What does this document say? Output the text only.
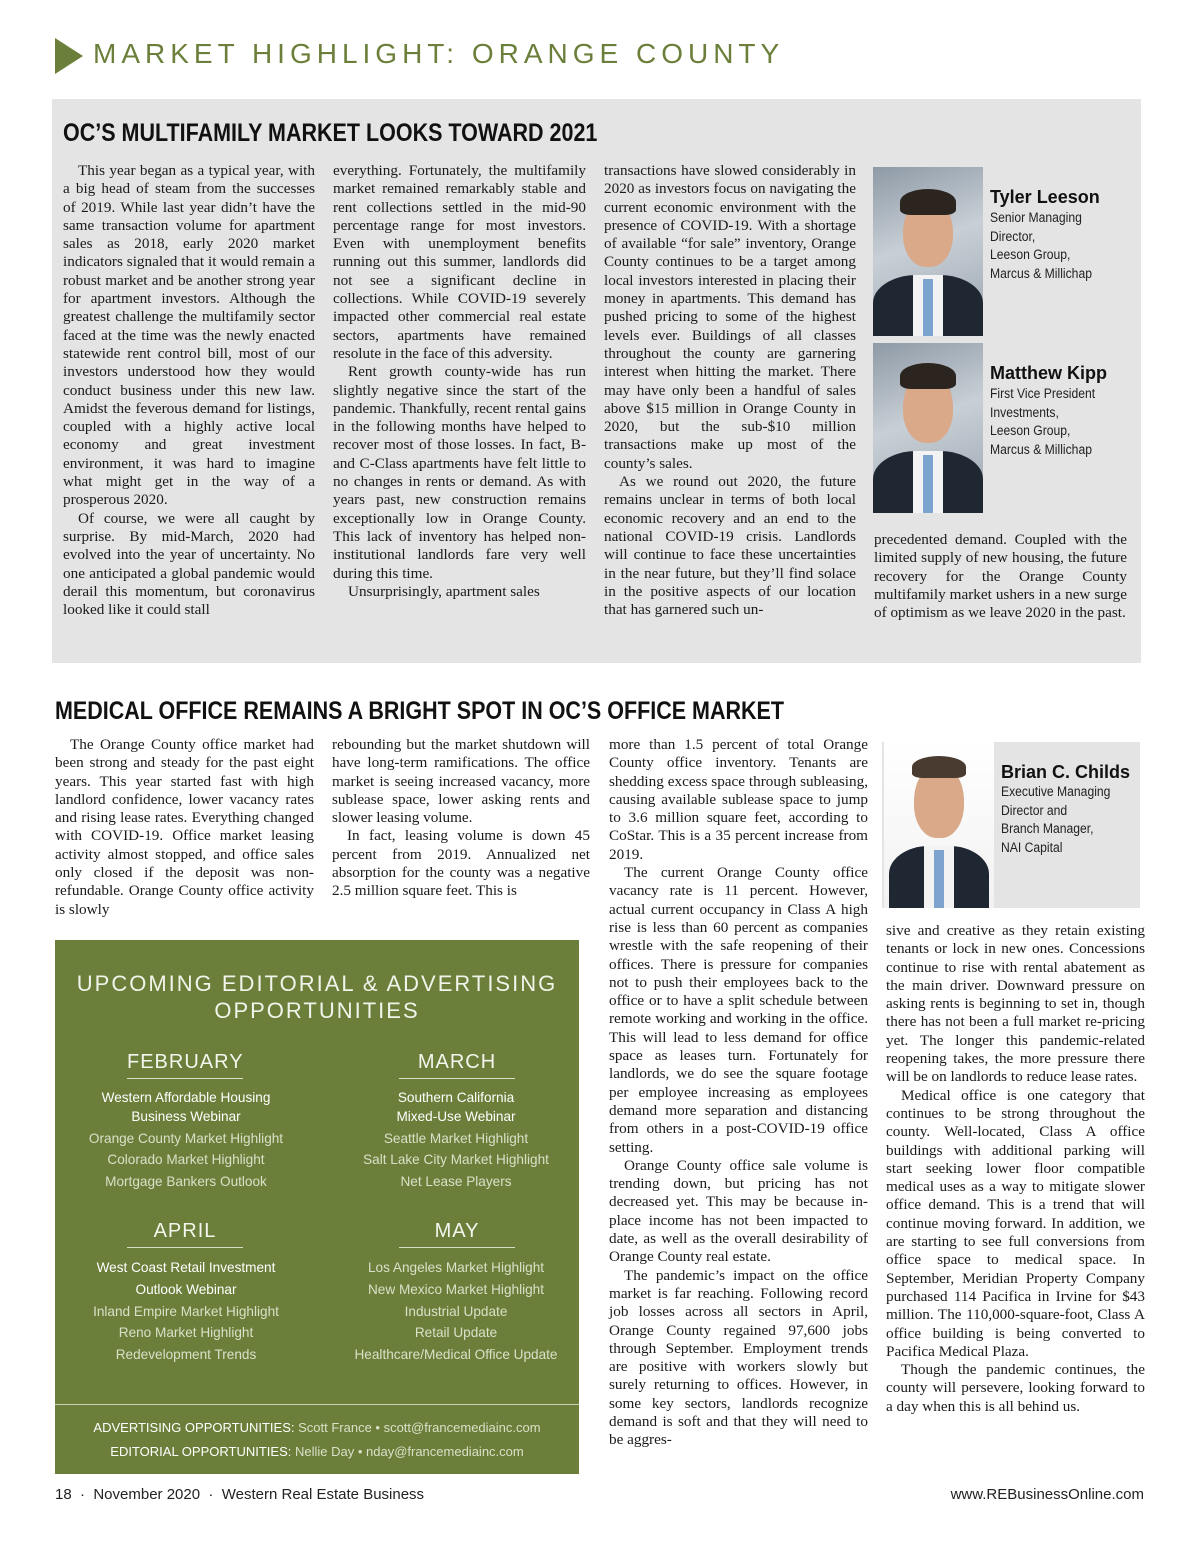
MARKET HIGHLIGHT: ORANGE COUNTY
OC’S MULTIFAMILY MARKET LOOKS TOWARD 2021

This year began as a typical year, with a big head of steam from the successes of 2019. While last year didn’t have the same transaction volume for apartment sales as 2018, early 2020 market indicators signaled that it would remain a robust market and be another strong year for apartment investors. Although the greatest challenge the multifamily sector faced at the time was the newly enacted statewide rent control bill, most of our investors understood how they would conduct business under this new law. Amidst the feverous demand for listings, coupled with a highly active local economy and great investment environment, it was hard to imagine what might get in the way of a prosperous 2020.

Of course, we were all caught by surprise. By mid-March, 2020 had evolved into the year of uncertainty. No one anticipated a global pandemic would derail this momentum, but coronavirus looked like it could stall

everything. Fortunately, the multifamily market remained remarkably stable and rent collections settled in the mid-90 percentage range for most investors. Even with unemployment benefits running out this summer, landlords did not see a significant decline in collections. While COVID-19 severely impacted other commercial real estate sectors, apartments have remained resolute in the face of this adversity.

Rent growth county-wide has run slightly negative since the start of the pandemic. Thankfully, recent rental gains in the following months have helped to recover most of those losses. In fact, B- and C-Class apartments have felt little to no changes in rents or demand. As with years past, new construction remains exceptionally low in Orange County. This lack of inventory has helped non-institutional landlords fare very well during this time.

Unsurprisingly, apartment sales

transactions have slowed considerably in 2020 as investors focus on navigating the current economic environment with the presence of COVID-19. With a shortage of available “for sale” inventory, Orange County continues to be a target among local investors interested in placing their money in apartments. This demand has pushed pricing to some of the highest levels ever. Buildings of all classes throughout the county are garnering interest when hitting the market. There may have only been a handful of sales above $15 million in Orange County in 2020, but the sub-$10 million transactions make up most of the county’s sales.

As we round out 2020, the future remains unclear in terms of both local economic recovery and an end to the national COVID-19 crisis. Landlords will continue to face these uncertainties in the near future, but they’ll find solace in the positive aspects of our location that has garnered such un-

precedented demand. Coupled with the limited supply of new housing, the future recovery for the Orange County multifamily market ushers in a new surge of optimism as we leave 2020 in the past.

Tyler Leeson
Senior Managing
Director,
Leeson Group,
Marcus & Millichap
Matthew Kipp
First Vice President
Investments,
Leeson Group,
Marcus & Millichap
MEDICAL OFFICE REMAINS A BRIGHT SPOT IN OC’S OFFICE MARKET

The Orange County office market had been strong and steady for the past eight years. This year started fast with high landlord confidence, lower vacancy rates and rising lease rates. Everything changed with COVID-19. Office market leasing activity almost stopped, and office sales only closed if the deposit was non-refundable. Orange County office activity is slowly

rebounding but the market shutdown will have long-term ramifications. The office market is seeing increased vacancy, more sublease space, lower asking rents and slower leasing volume.

In fact, leasing volume is down 45 percent from 2019. Annualized net absorption for the county was a negative 2.5 million square feet. This is

more than 1.5 percent of total Orange County office inventory. Tenants are shedding excess space through subleasing, causing available sublease space to jump to 3.6 million square feet, according to CoStar. This is a 35 percent increase from 2019.

The current Orange County office vacancy rate is 11 percent. However, actual current occupancy in Class A high rise is less than 60 percent as companies wrestle with the safe reopening of their offices. There is pressure for companies not to push their employees back to the office or to have a split schedule between remote working and working in the office. This will lead to less demand for office space as leases turn. Fortunately for landlords, we do see the square footage per employee increasing as employees demand more separation and distancing from others in a post-COVID-19 office setting.

Orange County office sale volume is trending down, but pricing has not decreased yet. This may be because in-place income has not been impacted to date, as well as the overall desirability of Orange County real estate.

The pandemic’s impact on the office market is far reaching. Following record job losses across all sectors in April, Orange County regained 97,600 jobs through September. Employment trends are positive with workers slowly but surely returning to offices. However, in some key sectors, landlords recognize demand is soft and that they will need to be aggres-

sive and creative as they retain existing tenants or lock in new ones. Concessions continue to rise with rental abatement as the main driver. Downward pressure on asking rents is beginning to set in, though there has not been a full market re-pricing yet. The longer this pandemic-related reopening takes, the more pressure there will be on landlords to reduce lease rates.

Medical office is one category that continues to be strong throughout the county. Well-located, Class A office buildings with additional parking will start seeking lower floor compatible medical uses as a way to mitigate slower office demand. This is a trend that will continue moving forward. In addition, we are starting to see full conversions from office space to medical space. In September, Meridian Property Company purchased 114 Pacifica in Irvine for $43 million. The 110,000-square-foot, Class A office building is being converted to Pacifica Medical Plaza.

Though the pandemic continues, the county will persevere, looking forward to a day when this is all behind us.

Brian C. Childs
Executive Managing
Director and
Branch Manager,
NAI Capital
UPCOMING EDITORIAL & ADVERTISING
OPPORTUNITIES
FEBRUARY	MARCH
Western Affordable Housing
Business Webinar
Orange County Market Highlight
Colorado Market Highlight
Mortgage Bankers Outlook
Southern California
Mixed-Use Webinar
Seattle Market Highlight
Salt Lake City Market Highlight
Net Lease Players
APRIL	MAY
West Coast Retail Investment
Outlook Webinar
Inland Empire Market Highlight
Reno Market Highlight
Redevelopment Trends
Los Angeles Market Highlight
New Mexico Market Highlight
Industrial Update
Retail Update
Healthcare/Medical Office Update
ADVERTISING OPPORTUNITIES: Scott France • scott@francemediainc.com
EDITORIAL OPPORTUNITIES: Nellie Day • nday@francemediainc.com
18  ·  November 2020  ·  Western Real Estate Business	www.REBusinessOnline.com
